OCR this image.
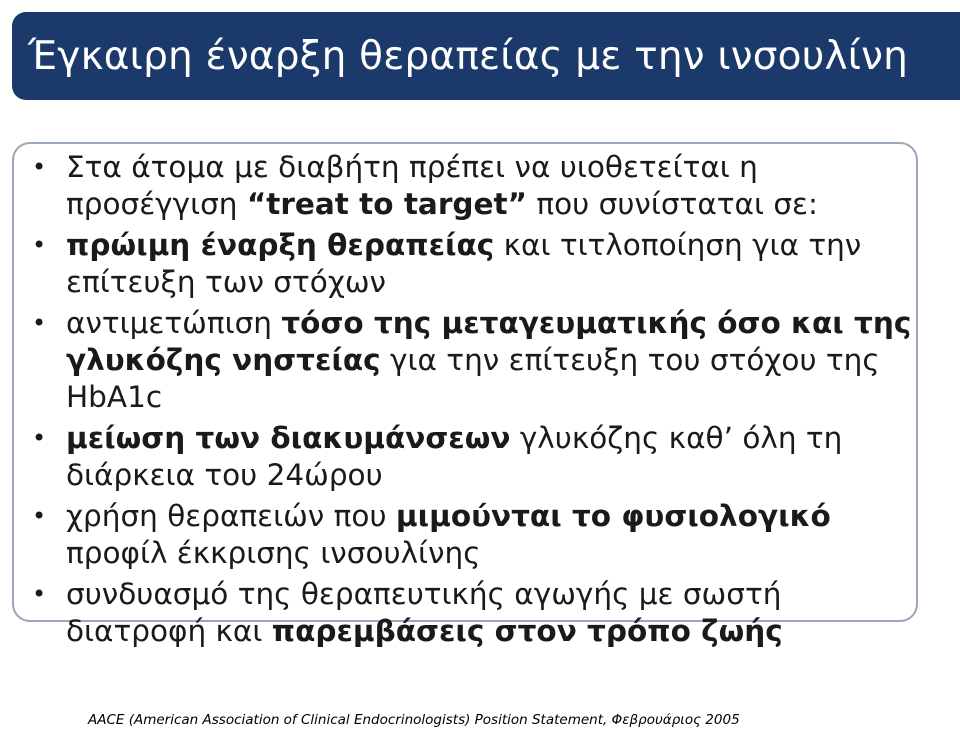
Έγκαιρη έναρξη θεραπείας με την ινσουλίνη
• Στα άτομα με διαβήτη πρέπει να υιοθετείται η προσέγγιση “treat to target” που συνίσταται σε:
• πρώιμη έναρξη θεραπείας και τιτλοποίηση για την επίτευξη των στόχων
• αντιμετώπιση τόσο της μεταγευματικής όσο και της γλυκόζης νηστείας για την επίτευξη του στόχου της HbA1c
• μείωση των διακυμάνσεων γλυκόζης καθ’ όλη τη διάρκεια του 24ώρου
• χρήση θεραπειών που μιμούνται το φυσιολογικό προφίλ έκκρισης ινσουλίνης
• συνδυασμό της θεραπευτικής αγωγής με σωστή διατροφή και παρεμβάσεις στον τρόπο ζωής
AACE (American Association of Clinical Endocrinologists) Position Statement, Φεβρουάριος 2005
